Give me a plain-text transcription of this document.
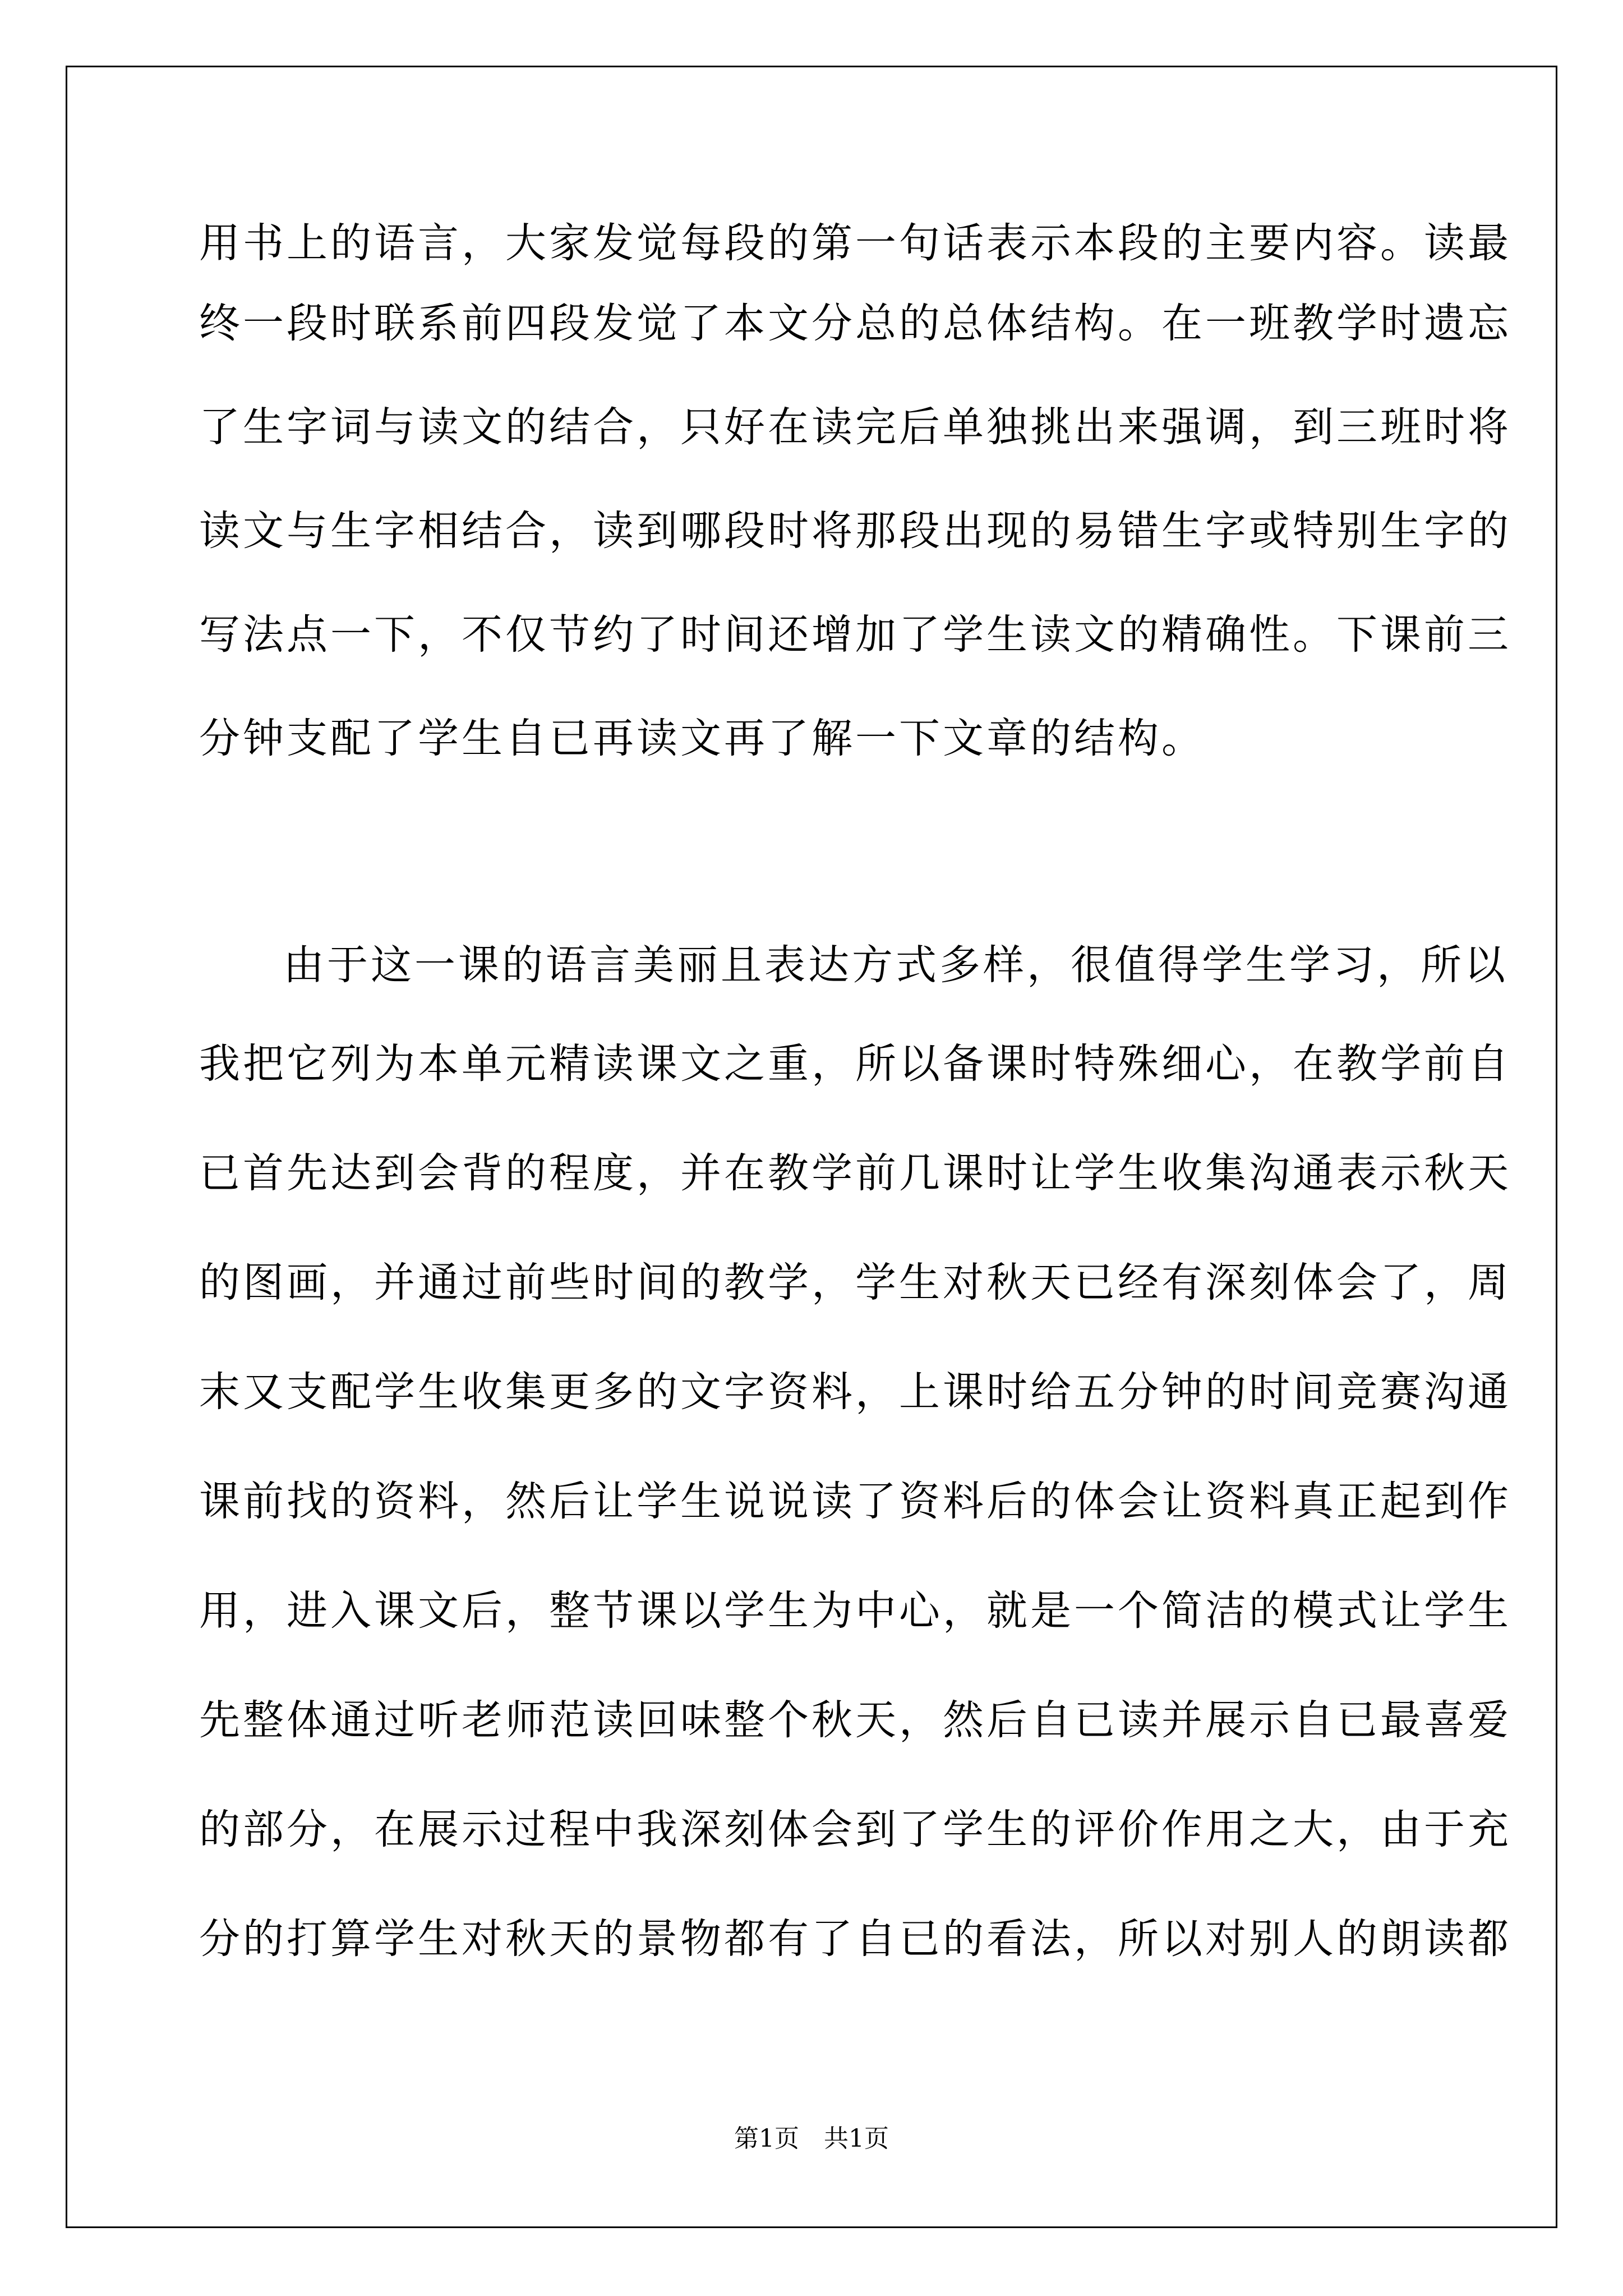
用书上的语言，大家发觉每段的第一句话表示本段的主要内容。读最
终一段时联系前四段发觉了本文分总的总体结构。在一班教学时遗忘
了生字词与读文的结合，只好在读完后单独挑出来强调，到三班时将
读文与生字相结合，读到哪段时将那段出现的易错生字或特别生字的
写法点一下，不仅节约了时间还增加了学生读文的精确性。下课前三
分钟支配了学生自已再读文再了解一下文章的结构。
由于这一课的语言美丽且表达方式多样，很值得学生学习，所以
我把它列为本单元精读课文之重，所以备课时特殊细心，在教学前自
已首先达到会背的程度，并在教学前几课时让学生收集沟通表示秋天
的图画，并通过前些时间的教学，学生对秋天已经有深刻体会了，周
末又支配学生收集更多的文字资料，上课时给五分钟的时间竞赛沟通
课前找的资料，然后让学生说说读了资料后的体会让资料真正起到作
用，进入课文后，整节课以学生为中心，就是一个简洁的模式让学生
先整体通过听老师范读回味整个秋天，然后自已读并展示自已最喜爱
的部分，在展示过程中我深刻体会到了学生的评价作用之大，由于充
分的打算学生对秋天的景物都有了自已的看法，所以对别人的朗读都
第1页　共1页
